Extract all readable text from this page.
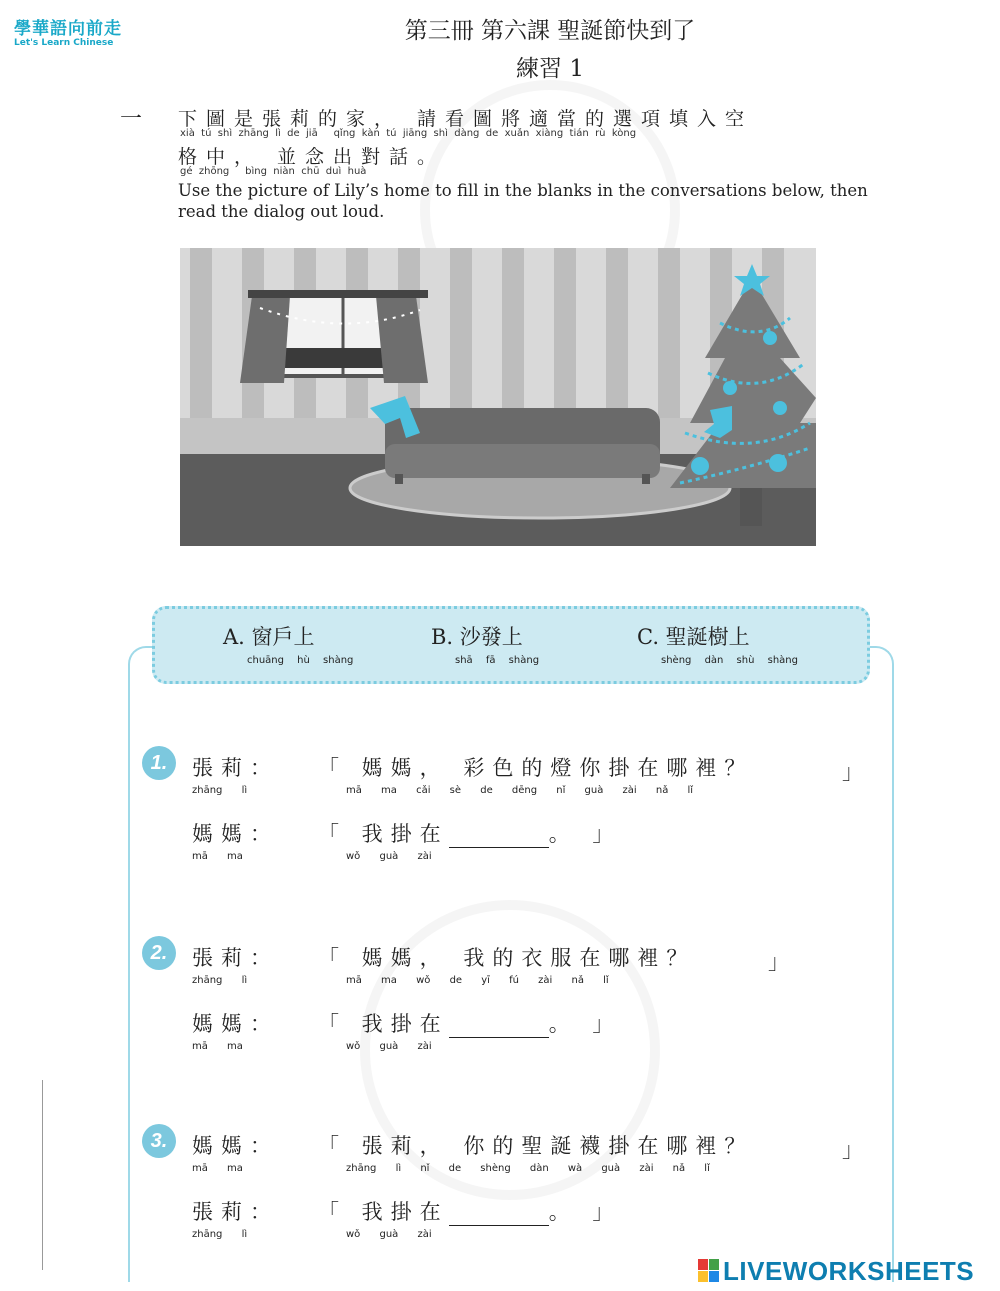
學華語向前走
Let's Learn Chinese	第三冊 第六課 聖誕節快到了
練習 1
一 下圖是張莉的家， 請看圖將適當的選項填入空
xià  tú  shì  zhāng  lì  de  jiā     qǐng  kàn  tú  jiāng  shì  dàng  de  xuǎn  xiàng  tián  rù  kòng
格中， 並念出對話。
gé  zhōng     bìng  niàn  chū  duì  huà
Use the picture of Lily’s home to fill in the blanks in the conversations below, then read the dialog out loud.
A. 窗戶上
chuāng hù shàng
B. 沙發上
shā fā shàng
C. 聖誕樹上
shèng dàn shù shàng
1.	張莉：
zhāng lì
「 媽媽， 彩色的燈你掛在哪裡？
mā ma cǎi sè de dēng nǐ guà zài nǎ lǐ
」
媽媽：
mā ma
「 我掛在	。 」
wǒ guà zài
2.	張莉：
zhāng lì
「 媽媽， 我的衣服在哪裡？
mā ma wǒ de yī fú zài nǎ lǐ
」
媽媽：
mā ma
「 我掛在	。 」
wǒ guà zài
3.	媽媽：
mā ma
「 張莉， 你的聖誕襪掛在哪裡？
zhāng lì nǐ de shèng dàn wà guà zài nǎ lǐ
」
張莉：
zhāng lì
「 我掛在	。 」
wǒ guà zài
LIVEWORKSHEETS
